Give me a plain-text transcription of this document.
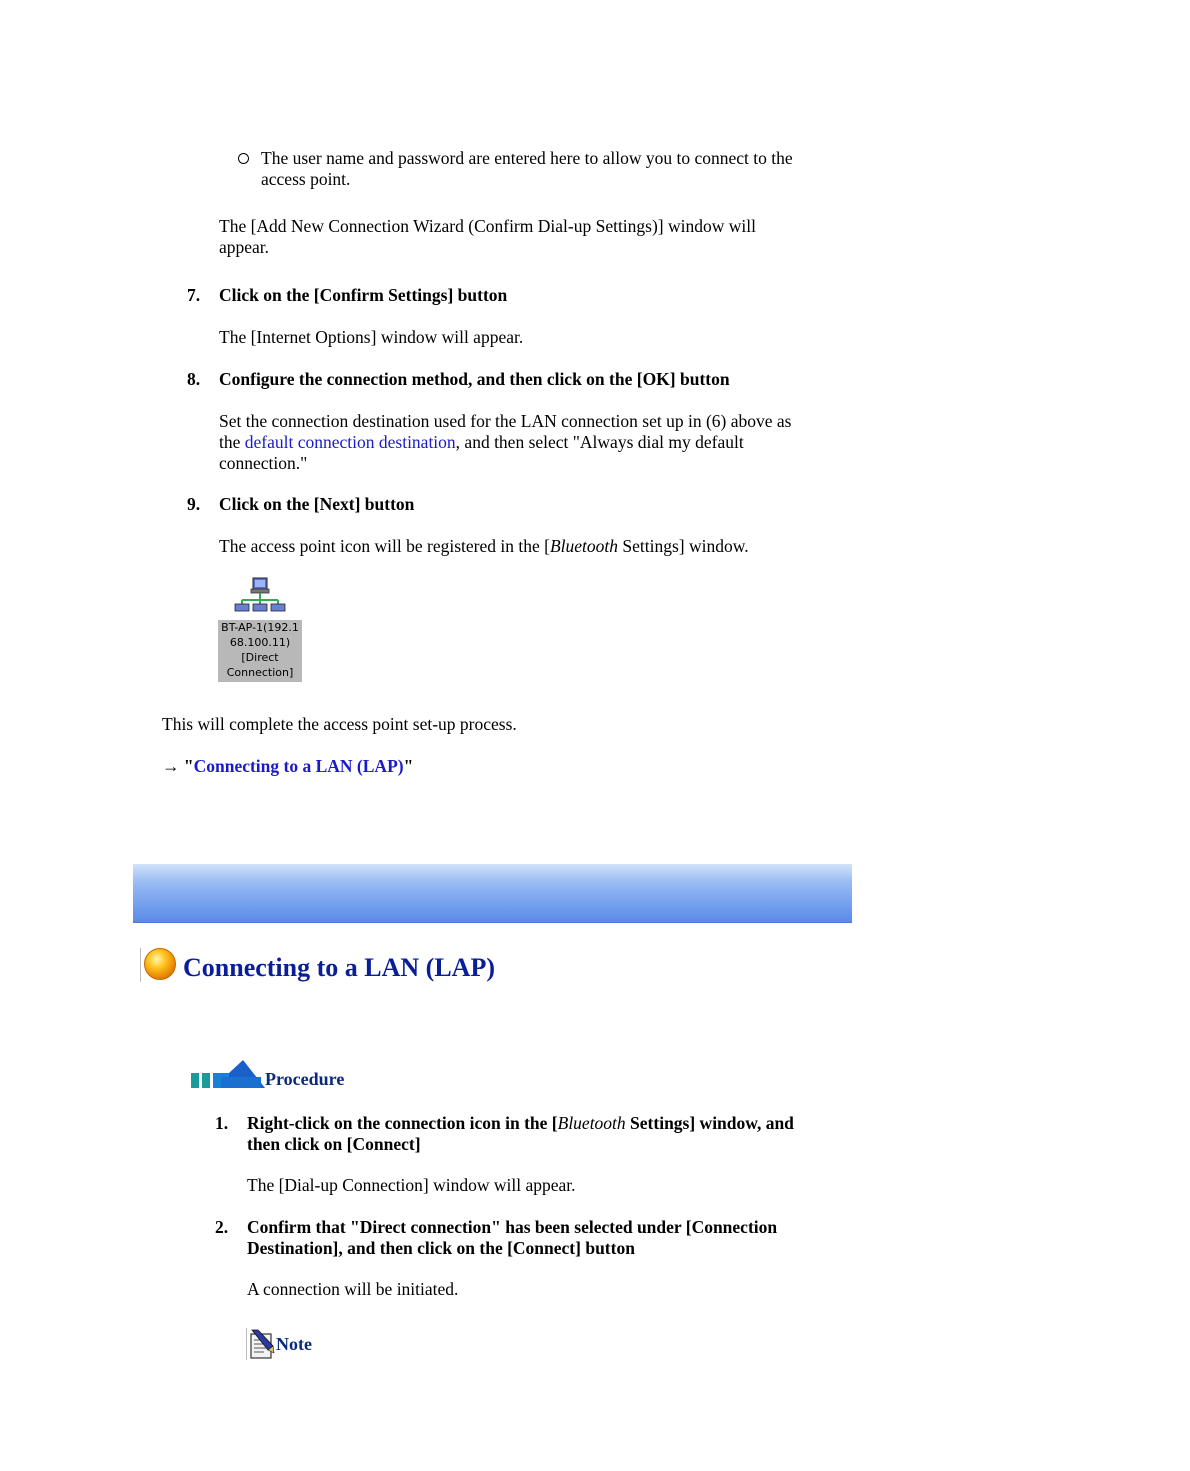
The user name and password are entered here to allow you to connect to the
access point.
The [Add New Connection Wizard (Confirm Dial-up Settings)] window will
appear.
7. Click on the [Confirm Settings] button
The [Internet Options] window will appear.
8. Configure the connection method, and then click on the [OK] button
Set the connection destination used for the LAN connection set up in (6) above as
the default connection destination, and then select "Always dial my default
connection."
9. Click on the [Next] button
The access point icon will be registered in the [Bluetooth Settings] window.
BT-AP-1(192.1
68.100.11)
[Direct
Connection]
This will complete the access point set-up process.
→ "Connecting to a LAN (LAP)"
Connecting to a LAN (LAP)
Procedure
1. Right-click on the connection icon in the [Bluetooth Settings] window, and
then click on [Connect]
The [Dial-up Connection] window will appear.
2. Confirm that "Direct connection" has been selected under [Connection
Destination], and then click on the [Connect] button
A connection will be initiated.
Note
